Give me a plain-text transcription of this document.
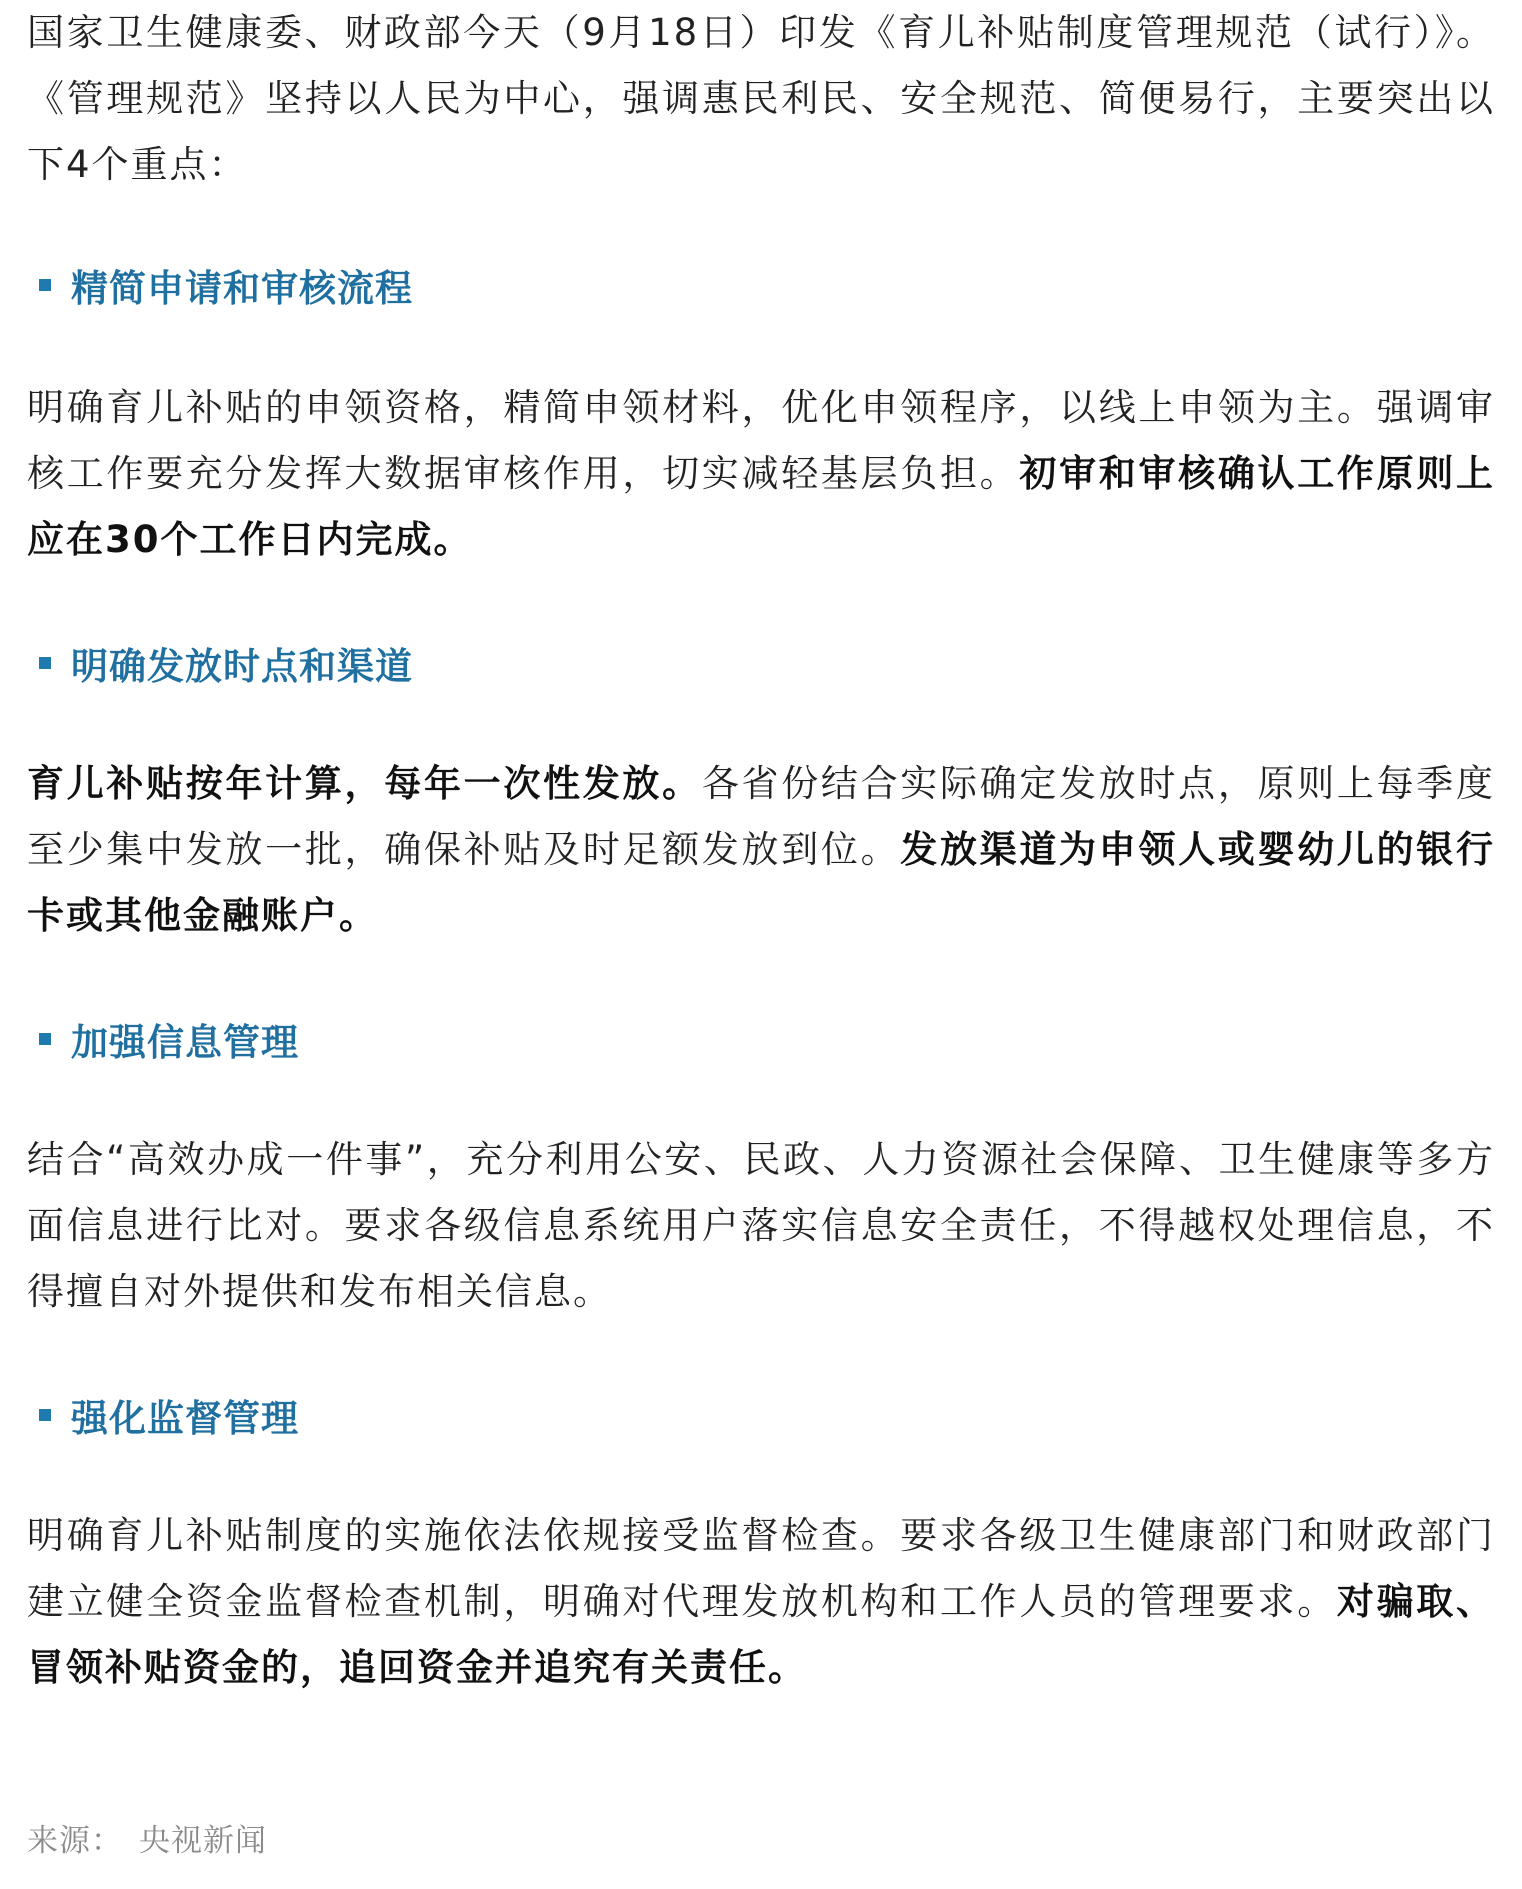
国家卫生健康委、财政部今天（9月18日）印发《育儿补贴制度管理规范（试行）》。《管理规范》坚持以人民为中心，强调惠民利民、安全规范、简便易行，主要突出以下4个重点：

精简申请和审核流程

明确育儿补贴的申领资格，精简申领材料，优化申领程序，以线上申领为主。强调审核工作要充分发挥大数据审核作用，切实减轻基层负担。初审和审核确认工作原则上应在30个工作日内完成。

明确发放时点和渠道

育儿补贴按年计算，每年一次性发放。各省份结合实际确定发放时点，原则上每季度至少集中发放一批，确保补贴及时足额发放到位。发放渠道为申领人或婴幼儿的银行卡或其他金融账户。

加强信息管理

结合“高效办成一件事”，充分利用公安、民政、人力资源社会保障、卫生健康等多方面信息进行比对。要求各级信息系统用户落实信息安全责任，不得越权处理信息，不得擅自对外提供和发布相关信息。

强化监督管理

明确育儿补贴制度的实施依法依规接受监督检查。要求各级卫生健康部门和财政部门建立健全资金监督检查机制，明确对代理发放机构和工作人员的管理要求。对骗取、冒领补贴资金的，追回资金并追究有关责任。

来源： 央视新闻
